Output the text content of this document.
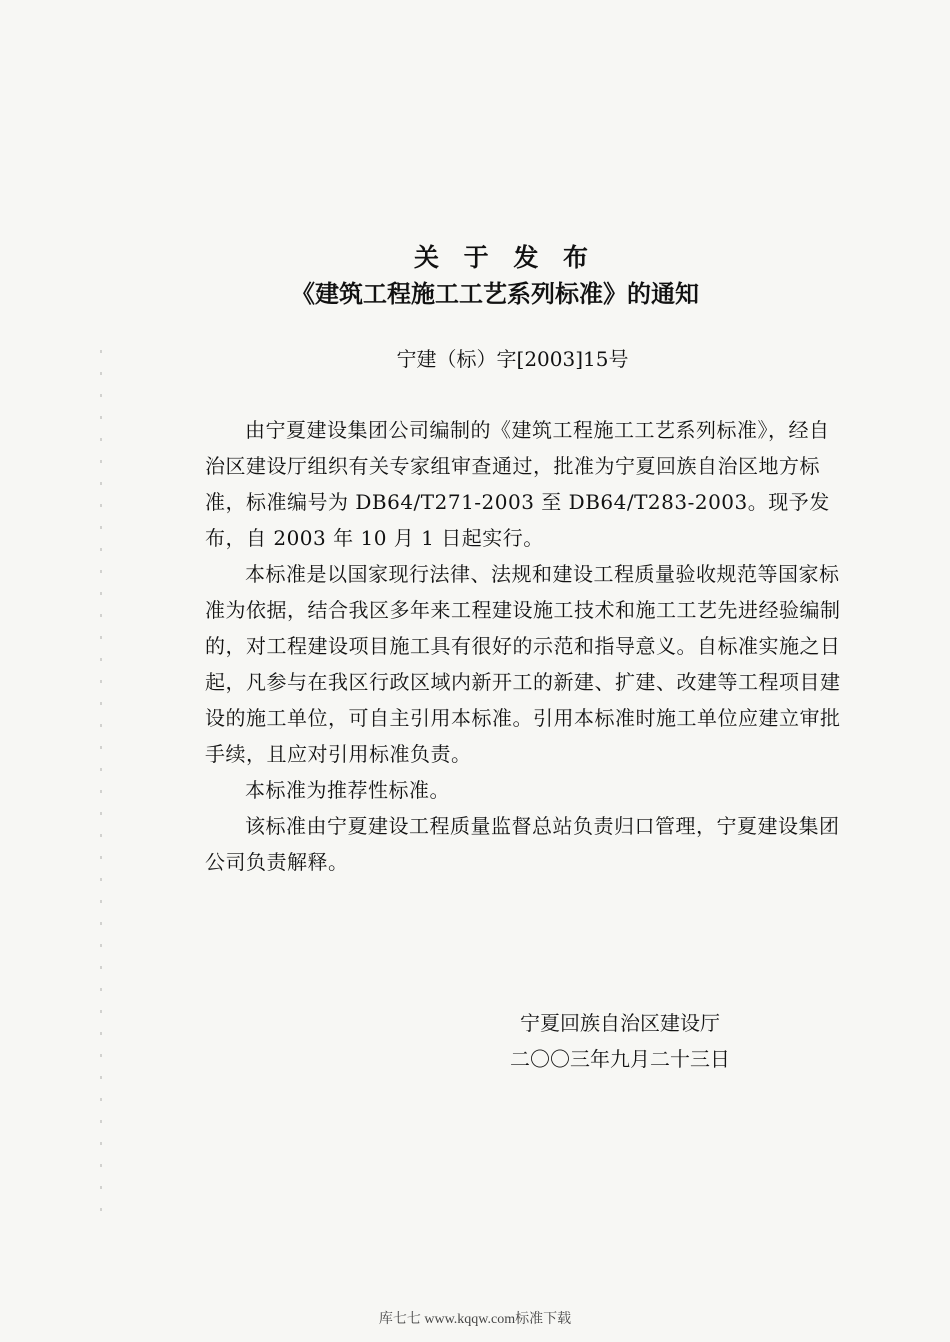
关 于 发 布
《建筑工程施工工艺系列标准》的通知
宁建（标）字[2003]15号

由宁夏建设集团公司编制的《建筑工程施工工艺系列标准》，经自治区建设厅组织有关专家组审查通过，批准为宁夏回族自治区地方标准，标准编号为 DB64/T271-2003 至 DB64/T283-2003。现予发布，自 2003 年 10 月 1 日起实行。

本标准是以国家现行法律、法规和建设工程质量验收规范等国家标准为依据，结合我区多年来工程建设施工技术和施工工艺先进经验编制的，对工程建设项目施工具有很好的示范和指导意义。自标准实施之日起，凡参与在我区行政区域内新开工的新建、扩建、改建等工程项目建设的施工单位，可自主引用本标准。引用本标准时施工单位应建立审批手续，且应对引用标准负责。

本标准为推荐性标准。

该标准由宁夏建设工程质量监督总站负责归口管理，宁夏建设集团公司负责解释。

宁夏回族自治区建设厅
二〇〇三年九月二十三日
库七七 www.kqqw.com标准下载
